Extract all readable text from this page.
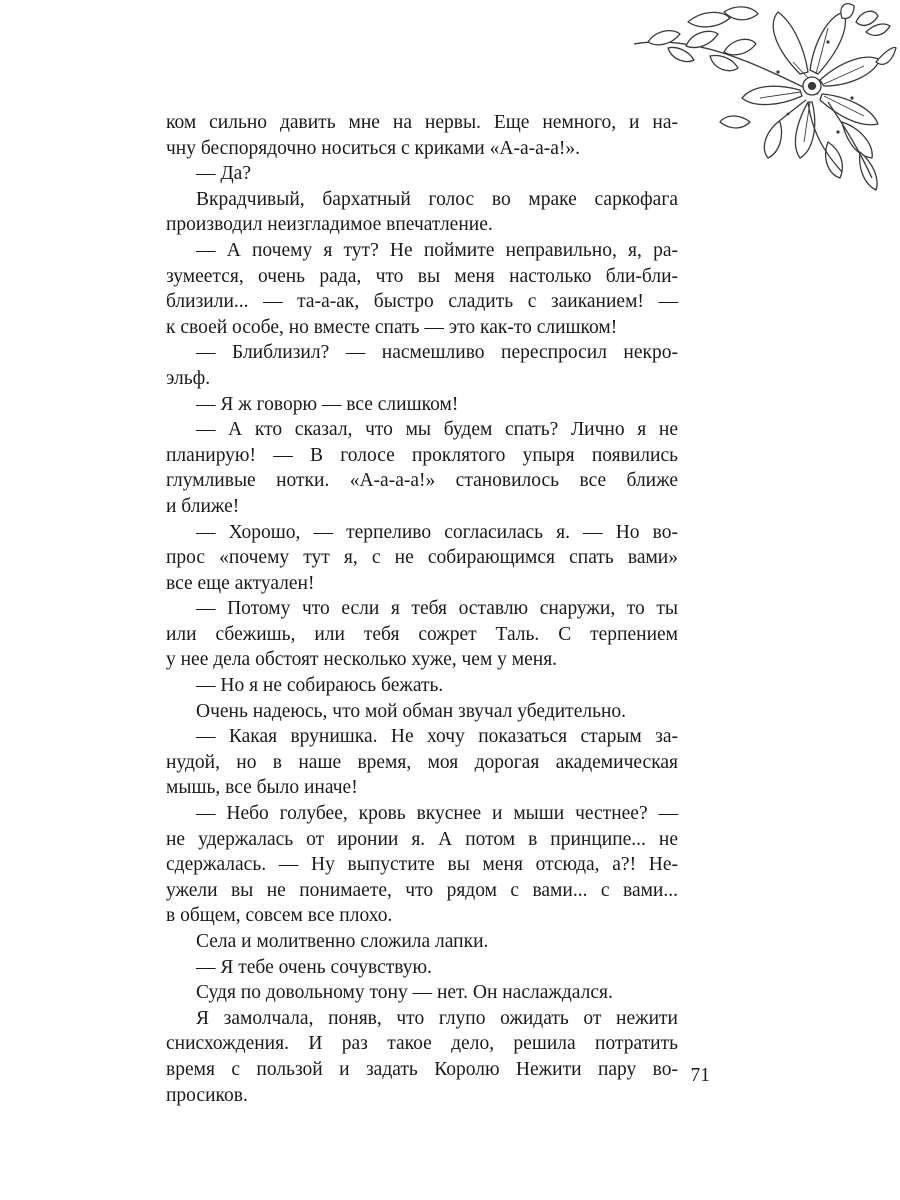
ком сильно давить мне на нервы. Еще немного, и на-
чну беспорядочно носиться с криками «А-а-а-а!».
— Да?
Вкрадчивый, бархатный голос во мраке саркофага
производил неизгладимое впечатление.
— А почему я тут? Не поймите неправильно, я, ра-
зумеется, очень рада, что вы меня настолько бли-бли-
близили... — та-а-ак, быстро сладить с заиканием! —
к своей особе, но вместе спать — это как-то слишком!
— Блиблизил? — насмешливо переспросил некро-
эльф.
— Я ж говорю — все слишком!
— А кто сказал, что мы будем спать? Лично я не
планирую! — В голосе проклятого упыря появились
глумливые нотки. «А-а-а-а!» становилось все ближе
и ближе!
— Хорошо, — терпеливо согласилась я. — Но во-
прос «почему тут я, с не собирающимся спать вами»
все еще актуален!
— Потому что если я тебя оставлю снаружи, то ты
или сбежишь, или тебя сожрет Таль. С терпением
у нее дела обстоят несколько хуже, чем у меня.
— Но я не собираюсь бежать.
Очень надеюсь, что мой обман звучал убедительно.
— Какая врунишка. Не хочу показаться старым за-
нудой, но в наше время, моя дорогая академическая
мышь, все было иначе!
— Небо голубее, кровь вкуснее и мыши честнее? —
не удержалась от иронии я. А потом в принципе... не
сдержалась. — Ну выпустите вы меня отсюда, а?! Не-
ужели вы не понимаете, что рядом с вами... с вами...
в общем, совсем все плохо.
Села и молитвенно сложила лапки.
— Я тебе очень сочувствую.
Судя по довольному тону — нет. Он наслаждался.
Я замолчала, поняв, что глупо ожидать от нежити
снисхождения. И раз такое дело, решила потратить
время с пользой и задать Королю Нежити пару во-
просиков.
71
